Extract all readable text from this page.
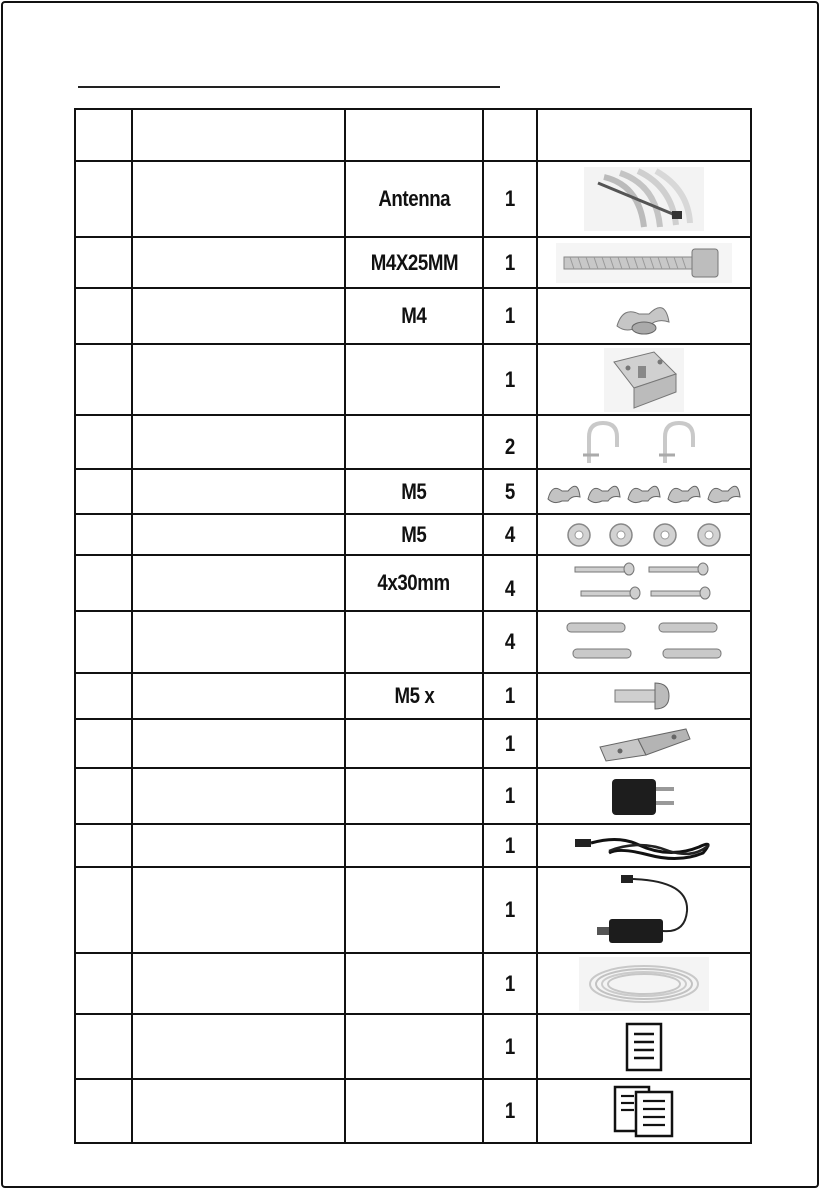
		Antenna	1	

		M4X25MM	1	

		M4	1	

			1	

			2	

		M5	5	

		M5	4	

		4x30mm	4	

			4	

		M5 x	1	

			1	

			1	

			1	

			1	

			1	

			1	

			1	
